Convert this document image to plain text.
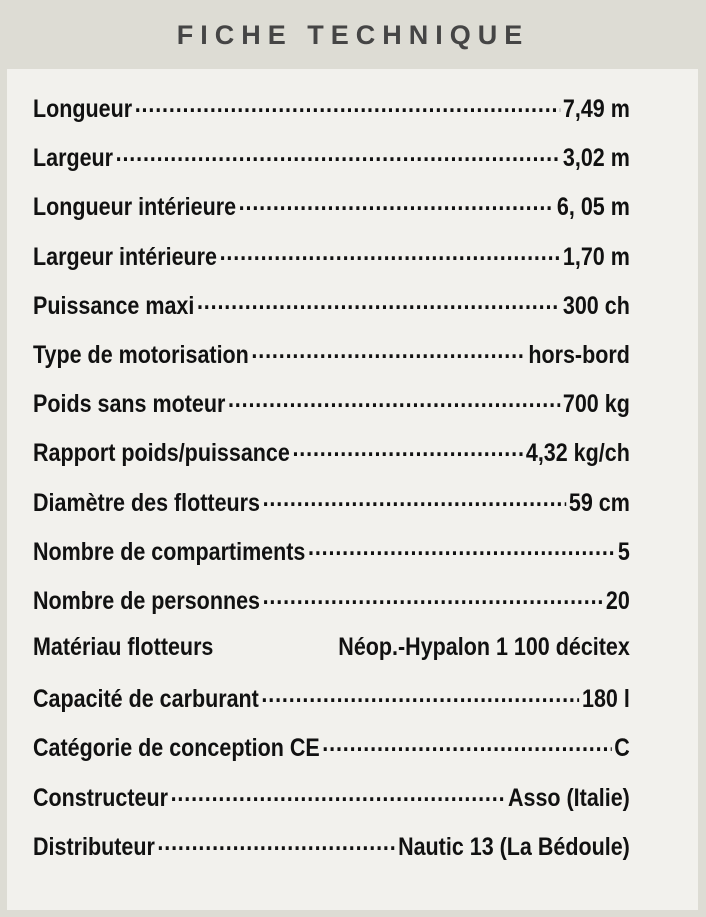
FICHE TECHNIQUE
Longueur .....	7,49 m
Largeur .....	3,02 m
Longueur intérieure .....	6, 05 m
Largeur intérieure .....	1,70 m
Puissance maxi .....	300 ch
Type de motorisation .....	hors-bord
Poids sans moteur .....	700 kg
Rapport poids/puissance .....	4,32 kg/ch
Diamètre des flotteurs .....	59 cm
Nombre de compartiments .....	5
Nombre de personnes .....	20
Matériau flotteurs	Néop.-Hypalon 1 100 décitex
Capacité de carburant .....	180 l
Catégorie de conception CE .....	C
Constructeur .....	Asso (Italie)
Distributeur .....	Nautic 13 (La Bédoule)
